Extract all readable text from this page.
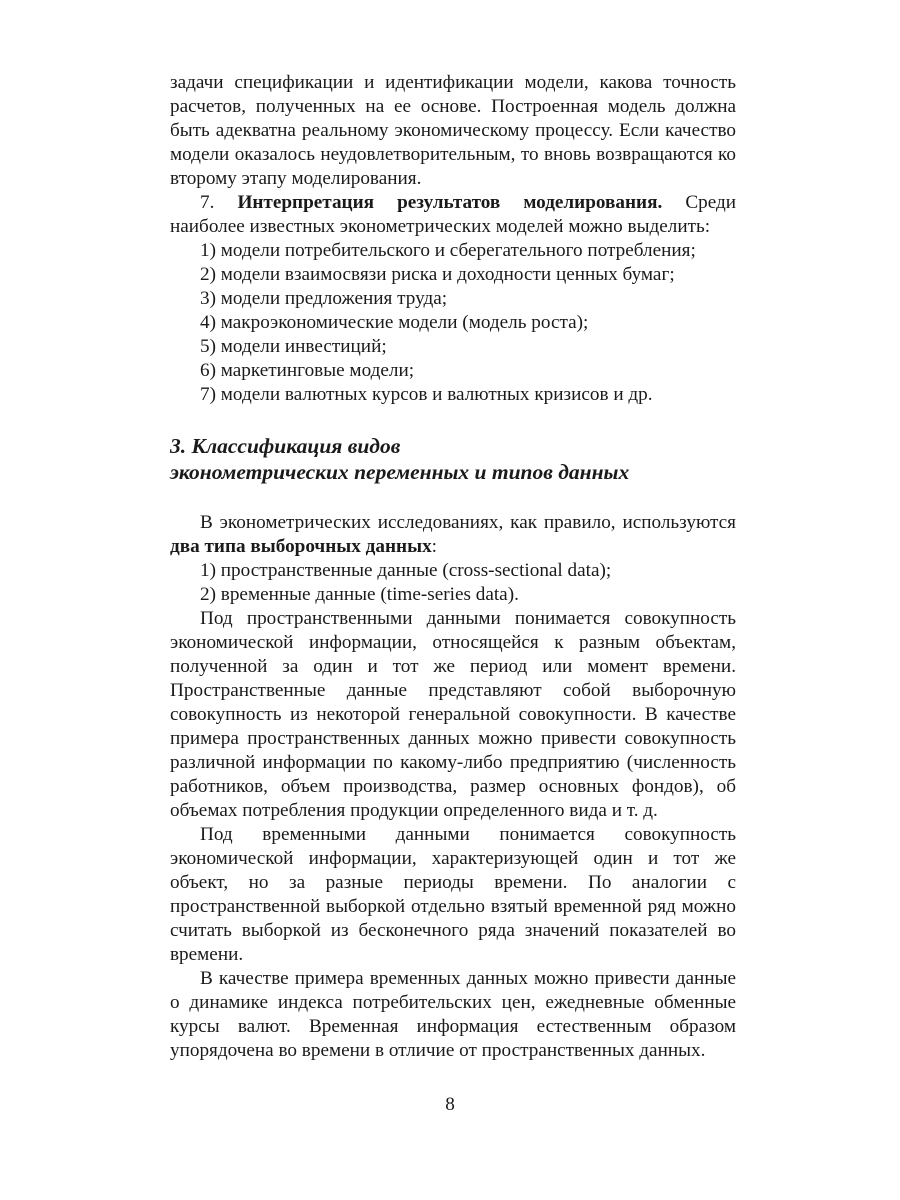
задачи спецификации и идентификации модели, какова точность расчетов, полученных на ее основе. Построенная модель должна быть адекватна реальному экономическому процессу. Если качество модели оказалось неудовлетворительным, то вновь возвращаются ко второму этапу моделирования.

7. Интерпретация результатов моделирования. Среди наиболее известных эконометрических моделей можно выделить:

1) модели потребительского и сберегательного потребления;

2) модели взаимосвязи риска и доходности ценных бумаг;

3) модели предложения труда;

4) макроэкономические модели (модель роста);

5) модели инвестиций;

6) маркетинговые модели;

7) модели валютных курсов и валютных кризисов и др.

3. Классификация видов
эконометрических переменных и типов данных

В эконометрических исследованиях, как правило, используются два типа выборочных данных:

1) пространственные данные (cross-sectional data);

2) временные данные (time-series data).

Под пространственными данными понимается совокупность экономической информации, относящейся к разным объектам, полученной за один и тот же период или момент времени. Пространственные данные представляют собой выборочную совокупность из некоторой генеральной совокупности. В качестве примера пространственных данных можно привести совокупность различной информации по какому-либо предприятию (численность работников, объем производства, размер основных фондов), об объемах потребления продукции определенного вида и т. д.

Под временными данными понимается совокупность экономической информации, характеризующей один и тот же объект, но за разные периоды времени. По аналогии с пространственной выборкой отдельно взятый временной ряд можно считать выборкой из бесконечного ряда значений показателей во времени.

В качестве примера временных данных можно привести данные о динамике индекса потребительских цен, ежедневные обменные курсы валют. Временная информация естественным образом упорядочена во времени в отличие от пространственных данных.

8
